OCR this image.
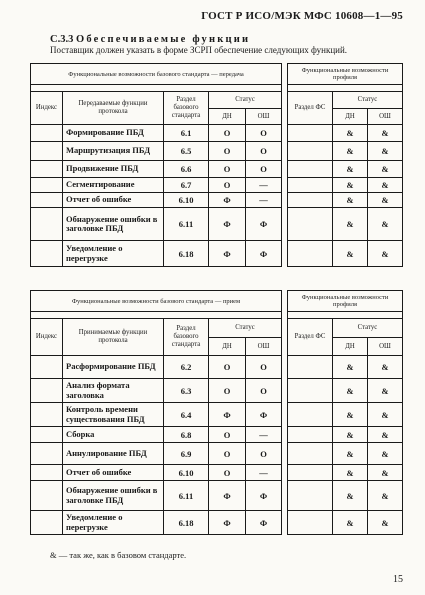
ГОСТ Р ИСО/МЭК МФС 10608—1—95
С.3.3 Обеспечиваемые функции
Поставщик должен указать в форме ЗСРП обеспечение следующих функций.
Функциональные возможности базового стандарта — передача				

Индекс	Передаваемые функции протокола	Раздел базового стандарта	Статус	
			ДН	ОШ
	Формирование ПБД	6.1	О	О
	Маршрутизация ПБД	6.5	О	О
	Продвижение ПБД	6.6	О	О
	Сегментирование	6.7	О	—
	Отчет об ошибке	6.10	Ф	—
	Обнаружение ошибки в заголовке ПБД	6.11	Ф	Ф
	Уведомление о перегрузке	6.18	Ф	Ф
Функциональные возможности профиля		

Раздел ФС	Статус	
	ДН	ОШ
	&	&
	&	&
	&	&
	&	&
	&	&
	&	&
	&	&
Функциональные возможности базового стандарта — прием				

Индекс	Принимаемые функции протокола	Раздел базового стандарта	Статус	
			ДН	ОШ
	Расформирование ПБД	6.2	О	О
	Анализ формата заголовка	6.3	О	О
	Контроль времени существования ПБД	6.4	Ф	Ф
	Сборка	6.8	О	—
	Аннулирование ПБД	6.9	О	О
	Отчет об ошибке	6.10	О	—
	Обнаружение ошибки в заголовке ПБД	6.11	Ф	Ф
	Уведомление о перегрузке	6.18	Ф	Ф
Функциональные возможности профиля		

Раздел ФС	Статус	
	ДН	ОШ
	&	&
	&	&
	&	&
	&	&
	&	&
	&	&
	&	&
	&	&
& — так же, как в базовом стандарте.
15
